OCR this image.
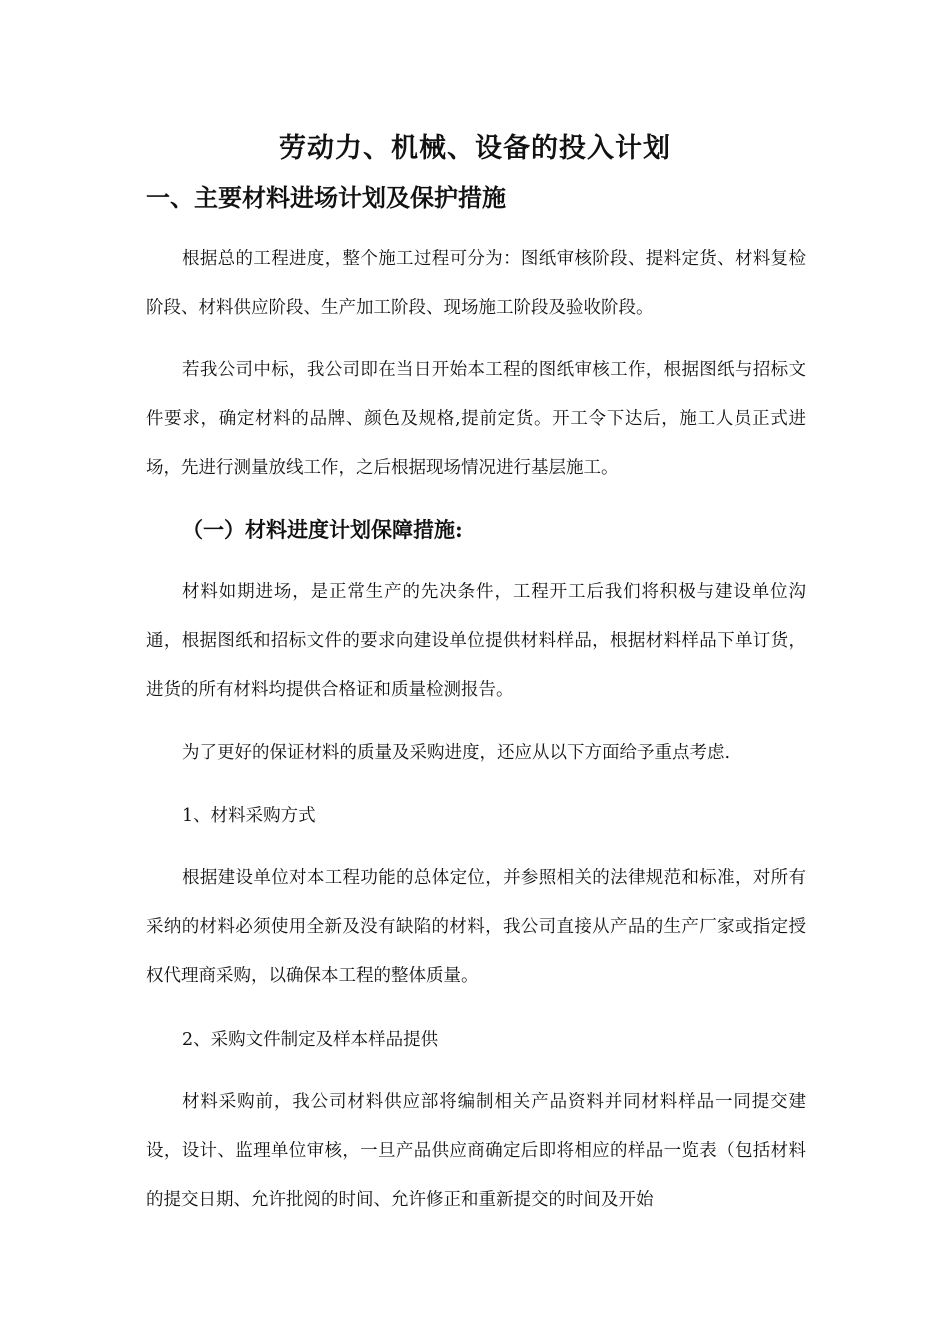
劳动力、机械、设备的投入计划
一、主要材料进场计划及保护措施

根据总的工程进度，整个施工过程可分为：图纸审核阶段、提料定货、材料复检阶段、材料供应阶段、生产加工阶段、现场施工阶段及验收阶段。

若我公司中标，我公司即在当日开始本工程的图纸审核工作，根据图纸与招标文件要求，确定材料的品牌、颜色及规格,提前定货。开工令下达后，施工人员正式进场，先进行测量放线工作，之后根据现场情况进行基层施工。

（一）材料进度计划保障措施:

材料如期进场，是正常生产的先决条件，工程开工后我们将积极与建设单位沟通，根据图纸和招标文件的要求向建设单位提供材料样品，根据材料样品下单订货，进货的所有材料均提供合格证和质量检测报告。

为了更好的保证材料的质量及采购进度，还应从以下方面给予重点考虑.

1、材料采购方式

根据建设单位对本工程功能的总体定位，并参照相关的法律规范和标准，对所有采纳的材料必须使用全新及没有缺陷的材料，我公司直接从产品的生产厂家或指定授权代理商采购，以确保本工程的整体质量。

2、采购文件制定及样本样品提供

材料采购前，我公司材料供应部将编制相关产品资料并同材料样品一同提交建设，设计、监理单位审核，一旦产品供应商确定后即将相应的样品一览表（包括材料的提交日期、允许批阅的时间、允许修正和重新提交的时间及开始
